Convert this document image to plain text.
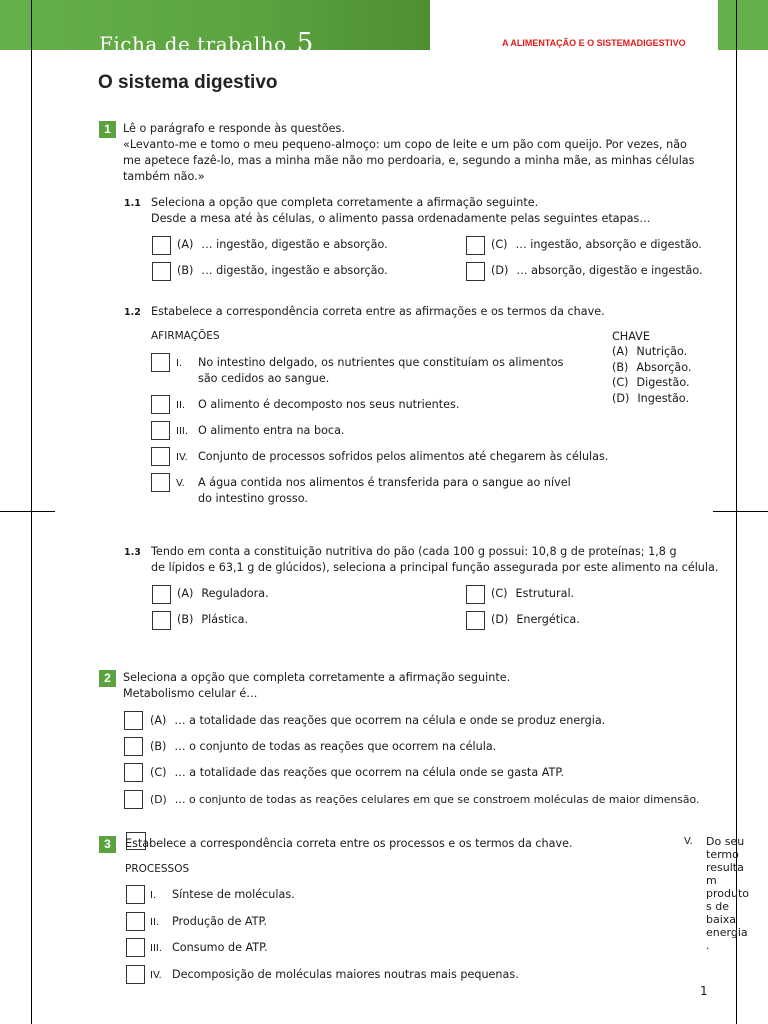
Ficha de trabalho 5	A ALIMENTAÇÃO E O SISTEMADIGESTIVO
O sistema digestivo
1	Lê o parágrafo e responde às questões.
«Levanto-me e tomo o meu pequeno-almoço: um copo de leite e um pão com queijo. Por vezes, não
me apetece fazê-lo, mas a minha mãe não mo perdoaria, e, segundo a minha mãe, as minhas células
também não.»
1.1 Seleciona a opção que completa corretamente a afirmação seguinte.
Desde a mesa até às células, o alimento passa ordenadamente pelas seguintes etapas…
(A) … ingestão, digestão e absorção.
(B) … digestão, ingestão e absorção.
(C) … ingestão, absorção e digestão.
(D) … absorção, digestão e ingestão.
1.2 Estabelece a correspondência correta entre as afirmações e os termos da chave.
AFIRMAÇÕES
I. No intestino delgado, os nutrientes que constituíam os alimentos
são cedidos ao sangue.
II. O alimento é decomposto nos seus nutrientes.
III. O alimento entra na boca.
IV. Conjunto de processos sofridos pelos alimentos até chegarem às células.
V. A água contida nos alimentos é transferida para o sangue ao nível
do intestino grosso.
CHAVE
(A) Nutrição.
(B) Absorção.
(C) Digestão.
(D) Ingestão.
1.3 Tendo em conta a constituição nutritiva do pão (cada 100 g possui: 10,8 g de proteínas; 1,8 g
de lípidos e 63,1 g de glúcidos), seleciona a principal função assegurada por este alimento na célula.
(A) Reguladora.
(B) Plástica.
(C) Estrutural.
(D) Energética.
2	Seleciona a opção que completa corretamente a afirmação seguinte.
Metabolismo celular é…
(A) … a totalidade das reações que ocorrem na célula e onde se produz energia.
(B) … o conjunto de todas as reações que ocorrem na célula.
(C) … a totalidade das reações que ocorrem na célula onde se gasta ATP.
(D) … o conjunto de todas as reações celulares em que se constroem moléculas de maior dimensão.
3	Estabelece a correspondência correta entre os processos e os termos da chave.
PROCESSOS
I. Síntese de moléculas.
II. Produção de ATP.
III. Consumo de ATP.
IV. Decomposição de moléculas maiores noutras mais pequenas.
V. Do seu
termo
resulta
m
produto
s de
baixa
energia
.
1
